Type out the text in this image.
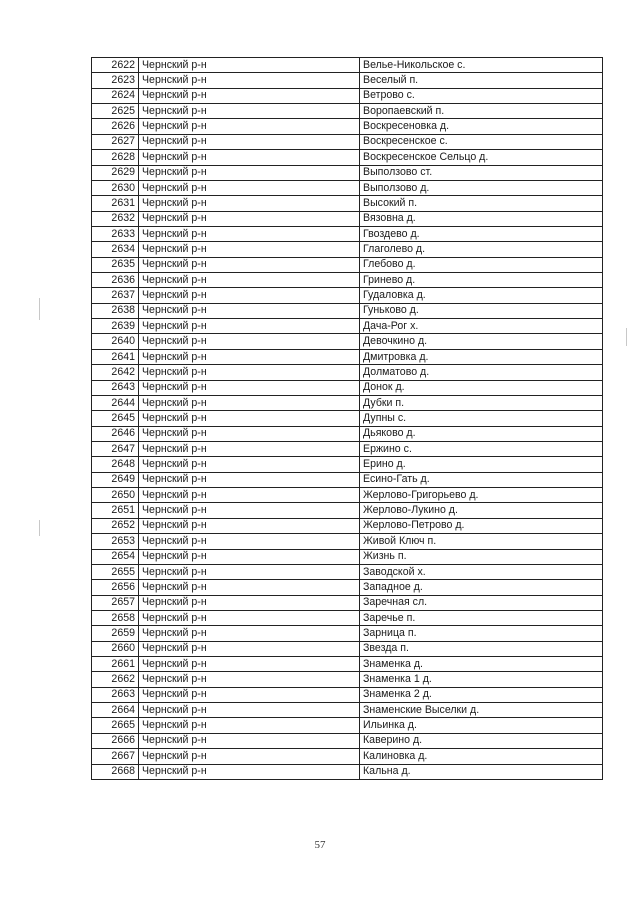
2622	Чернский р-н	Велье-Никольское с.
2623	Чернский р-н	Веселый п.
2624	Чернский р-н	Ветрово с.
2625	Чернский р-н	Воропаевский п.
2626	Чернский р-н	Воскресеновка д.
2627	Чернский р-н	Воскресенское с.
2628	Чернский р-н	Воскресенское Сельцо д.
2629	Чернский р-н	Выползово ст.
2630	Чернский р-н	Выползово д.
2631	Чернский р-н	Высокий п.
2632	Чернский р-н	Вязовна д.
2633	Чернский р-н	Гвоздево д.
2634	Чернский р-н	Глаголево д.
2635	Чернский р-н	Глебово д.
2636	Чернский р-н	Гринево д.
2637	Чернский р-н	Гудаловка д.
2638	Чернский р-н	Гуньково д.
2639	Чернский р-н	Дача-Рог х.
2640	Чернский р-н	Девочкино д.
2641	Чернский р-н	Дмитровка д.
2642	Чернский р-н	Долматово д.
2643	Чернский р-н	Донок д.
2644	Чернский р-н	Дубки п.
2645	Чернский р-н	Дупны с.
2646	Чернский р-н	Дьяково д.
2647	Чернский р-н	Ержино с.
2648	Чернский р-н	Ерино д.
2649	Чернский р-н	Есино-Гать д.
2650	Чернский р-н	Жерлово-Григорьево д.
2651	Чернский р-н	Жерлово-Лукино д.
2652	Чернский р-н	Жерлово-Петрово д.
2653	Чернский р-н	Живой Ключ п.
2654	Чернский р-н	Жизнь п.
2655	Чернский р-н	Заводской х.
2656	Чернский р-н	Западное д.
2657	Чернский р-н	Заречная сл.
2658	Чернский р-н	Заречье п.
2659	Чернский р-н	Зарница п.
2660	Чернский р-н	Звезда п.
2661	Чернский р-н	Знаменка д.
2662	Чернский р-н	Знаменка 1 д.
2663	Чернский р-н	Знаменка 2 д.
2664	Чернский р-н	Знаменские Выселки д.
2665	Чернский р-н	Ильинка д.
2666	Чернский р-н	Каверино д.
2667	Чернский р-н	Калиновка д.
2668	Чернский р-н	Кальна д.
57
